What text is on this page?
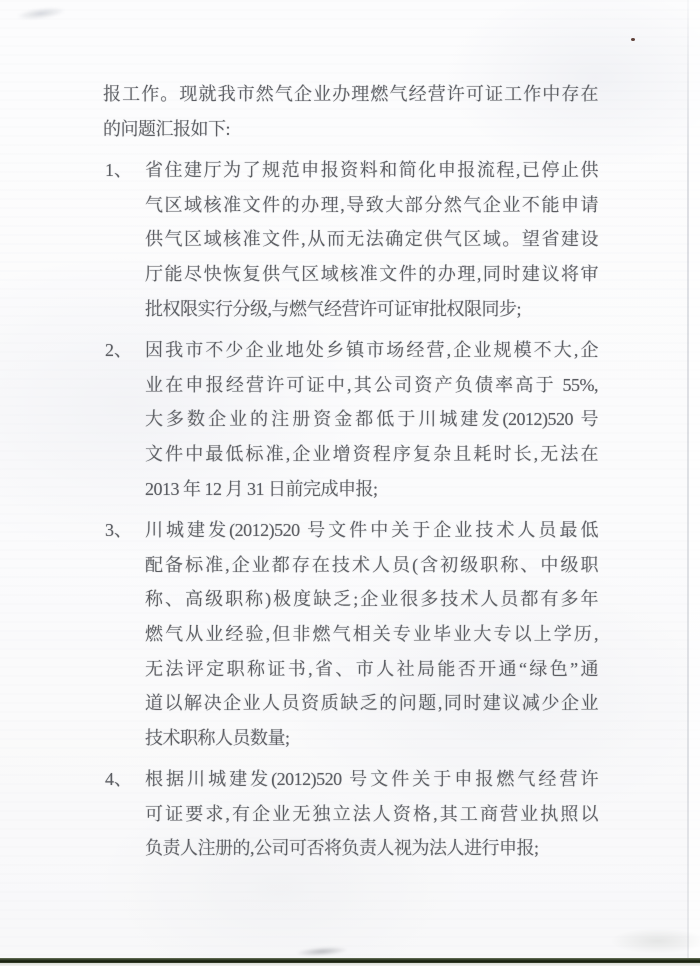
报工作。现就我市然气企业办理燃气经营许可证工作中存在
的问题汇报如下:
1、 省住建厅为了规范申报资料和简化申报流程,已停止供
气区域核准文件的办理,导致大部分然气企业不能申请
供气区域核准文件,从而无法确定供气区域。望省建设
厅能尽快恢复供气区域核准文件的办理,同时建议将审
批权限实行分级,与燃气经营许可证审批权限同步;
2、 因我市不少企业地处乡镇市场经营,企业规模不大,企
业在申报经营许可证中,其公司资产负债率高于 55%,
大多数企业的注册资金都低于川城建发(2012)520 号
文件中最低标准,企业增资程序复杂且耗时长,无法在
2013 年 12 月 31 日前完成申报;
3、 川城建发(2012)520 号文件中关于企业技术人员最低
配备标准,企业都存在技术人员(含初级职称、中级职
称、高级职称)极度缺乏;企业很多技术人员都有多年
燃气从业经验,但非燃气相关专业毕业大专以上学历,
无法评定职称证书,省、市人社局能否开通“绿色”通
道以解决企业人员资质缺乏的问题,同时建议减少企业
技术职称人员数量;
4、 根据川城建发(2012)520 号文件关于申报燃气经营许
可证要求,有企业无独立法人资格,其工商营业执照以
负责人注册的,公司可否将负责人视为法人进行申报;
